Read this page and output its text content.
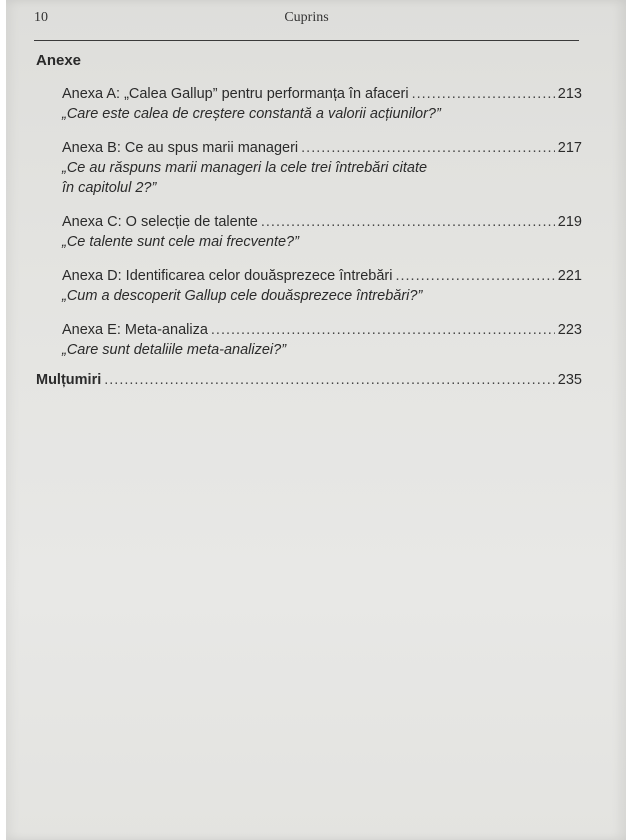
10	Cuprins
Anexe
Anexa A: „Calea Gallup” pentru performanța în afaceri .....	213
„Care este calea de creștere constantă a valorii acțiunilor?”
Anexa B: Ce au spus marii manageri .....	217
„Ce au răspuns marii manageri la cele trei întrebări citate
în capitolul 2?”
Anexa C: O selecție de talente .....	219
„Ce talente sunt cele mai frecvente?”
Anexa D: Identificarea celor douăsprezece întrebări .....	221
„Cum a descoperit Gallup cele douăsprezece întrebări?”
Anexa E: Meta-analiza .....	223
„Care sunt detaliile meta-analizei?”
Mulțumiri .....	235
